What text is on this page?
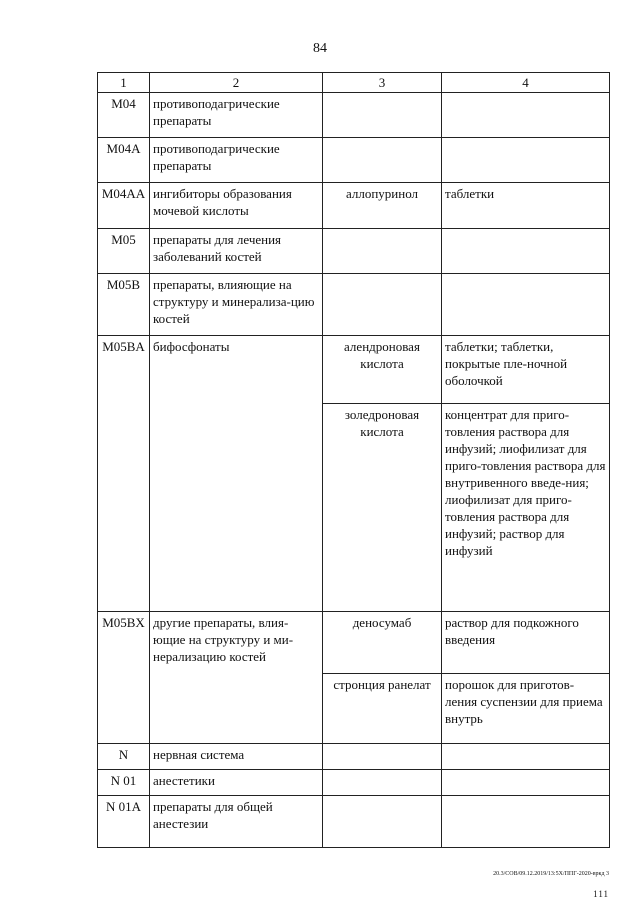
84
1	2	3	4
M04	противоподагрические препараты		
M04A	противоподагрические препараты		
M04AA	ингибиторы образования мочевой кислоты	аллопуринол	таблетки
M05	препараты для лечения заболеваний костей		
M05B	препараты, влияющие на структуру и минерализа-цию костей		
M05BA	бифосфонаты	алендроновая кислота	таблетки; таблетки, покрытые пле-ночной оболочкой
		золедроновая кислота	концентрат для приго-товления раствора для инфузий; лиофилизат для приго-товления раствора для внутривенного введе-ния; лиофилизат для приго-товления раствора для инфузий; раствор для инфузий
M05BX	другие препараты, влия-ющие на структуру и ми-нерализацию костей	деносумаб	раствор для подкожного введения
		стронция ранелат	порошок для приготов-ления суспензии для приема внутрь
N	нервная система		
N 01	анестетики		
N 01A	препараты для общей анестезии		
20.3/СОВ/09.12.2019/13:5Х/ППГ-2020-вркд 3
111
